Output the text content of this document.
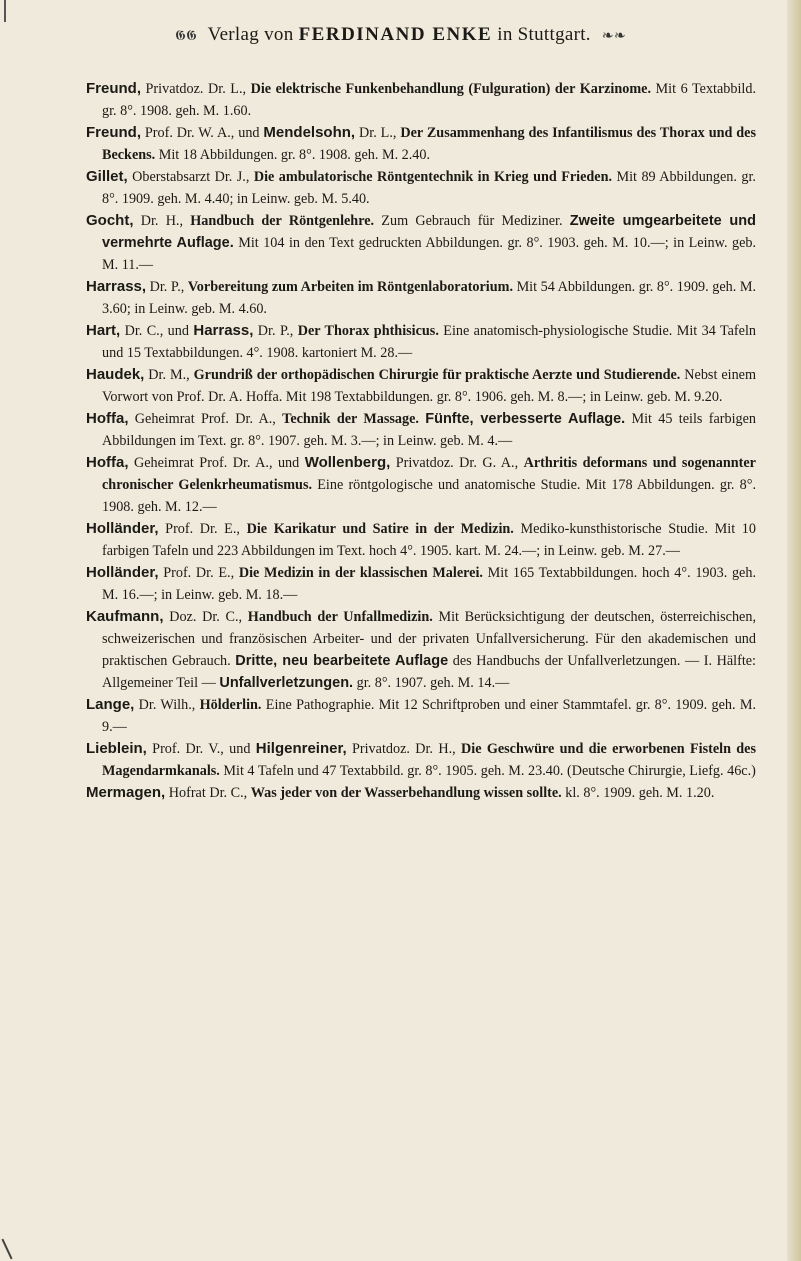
𝕲𝕲 Verlag von FERDINAND ENKE in Stuttgart. ❧❧

Freund, Privatdoz. Dr. L., Die elektrische Funkenbehandlung (Fulguration) der Karzinome. Mit 6 Textabbild. gr. 8°. 1908. geh. M. 1.60.

Freund, Prof. Dr. W. A., und Mendelsohn, Dr. L., Der Zusammenhang des Infantilismus des Thorax und des Beckens. Mit 18 Abbildungen. gr. 8°. 1908. geh. M. 2.40.

Gillet, Oberstabsarzt Dr. J., Die ambulatorische Röntgentechnik in Krieg und Frieden. Mit 89 Abbildungen. gr. 8°. 1909. geh. M. 4.40; in Leinw. geb. M. 5.40.

Gocht, Dr. H., Handbuch der Röntgenlehre. Zum Gebrauch für Mediziner. Zweite umgearbeitete und vermehrte Auflage. Mit 104 in den Text gedruckten Abbildungen. gr. 8°. 1903. geh. M. 10.—; in Leinw. geb. M. 11.—

Harrass, Dr. P., Vorbereitung zum Arbeiten im Röntgenlaboratorium. Mit 54 Abbildungen. gr. 8°. 1909. geh. M. 3.60; in Leinw. geb. M. 4.60.

Hart, Dr. C., und Harrass, Dr. P., Der Thorax phthisicus. Eine anatomisch-physiologische Studie. Mit 34 Tafeln und 15 Textabbildungen. 4°. 1908. kartoniert M. 28.—

Haudek, Dr. M., Grundriß der orthopädischen Chirurgie für praktische Aerzte und Studierende. Nebst einem Vorwort von Prof. Dr. A. Hoffa. Mit 198 Textabbildungen. gr. 8°. 1906. geh. M. 8.—; in Leinw. geb. M. 9.20.

Hoffa, Geheimrat Prof. Dr. A., Technik der Massage. Fünfte, verbesserte Auflage. Mit 45 teils farbigen Abbildungen im Text. gr. 8°. 1907. geh. M. 3.—; in Leinw. geb. M. 4.—

Hoffa, Geheimrat Prof. Dr. A., und Wollenberg, Privatdoz. Dr. G. A., Arthritis deformans und sogenannter chronischer Gelenkrheumatismus. Eine röntgologische und anatomische Studie. Mit 178 Abbildungen. gr. 8°. 1908. geh. M. 12.—

Holländer, Prof. Dr. E., Die Karikatur und Satire in der Medizin. Mediko-kunsthistorische Studie. Mit 10 farbigen Tafeln und 223 Abbildungen im Text. hoch 4°. 1905. kart. M. 24.—; in Leinw. geb. M. 27.—

Holländer, Prof. Dr. E., Die Medizin in der klassischen Malerei. Mit 165 Textabbildungen. hoch 4°. 1903. geh. M. 16.—; in Leinw. geb. M. 18.—

Kaufmann, Doz. Dr. C., Handbuch der Unfallmedizin. Mit Berücksichtigung der deutschen, österreichischen, schweizerischen und französischen Arbeiter- und der privaten Unfallversicherung. Für den akademischen und praktischen Gebrauch. Dritte, neu bearbeitete Auflage des Handbuchs der Unfallverletzungen. — I. Hälfte: Allgemeiner Teil — Unfallverletzungen. gr. 8°. 1907. geh. M. 14.—

Lange, Dr. Wilh., Hölderlin. Eine Pathographie. Mit 12 Schriftproben und einer Stammtafel. gr. 8°. 1909. geh. M. 9.—

Lieblein, Prof. Dr. V., und Hilgenreiner, Privatdoz. Dr. H., Die Geschwüre und die erworbenen Fisteln des Magendarmkanals. Mit 4 Tafeln und 47 Textabbild. gr. 8°. 1905. geh. M. 23.40. (Deutsche Chirurgie, Liefg. 46c.)

Mermagen, Hofrat Dr. C., Was jeder von der Wasserbehandlung wissen sollte. kl. 8°. 1909. geh. M. 1.20.
